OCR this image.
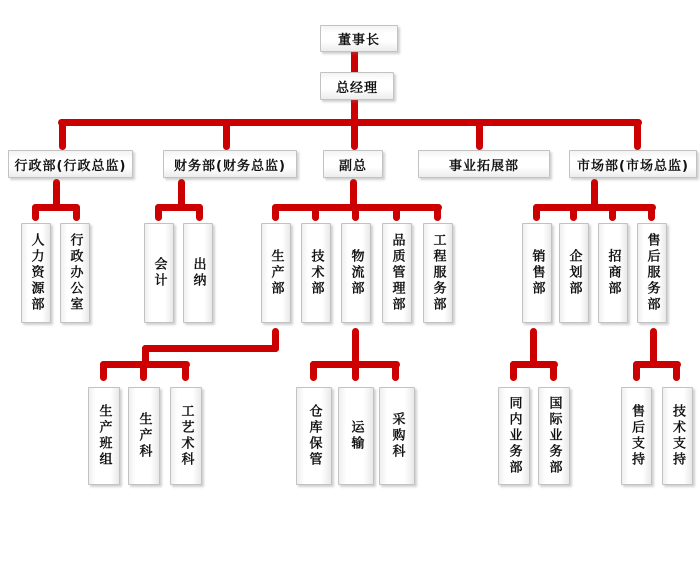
董事长
总经理
行政部(行政总监)	财务部(财务总监)	副总	事业拓展部	市场部(市场总监)
人力资源部	行政办公室	会计	出纳	生产部	技术部	物流部	品质管理部	工程服务部	销售部	企划部	招商部	售后服务部
生产班组	生产科	工艺术科	仓库保管	运输	采购科	同内业务部	国际业务部	售后支持	技术支持
